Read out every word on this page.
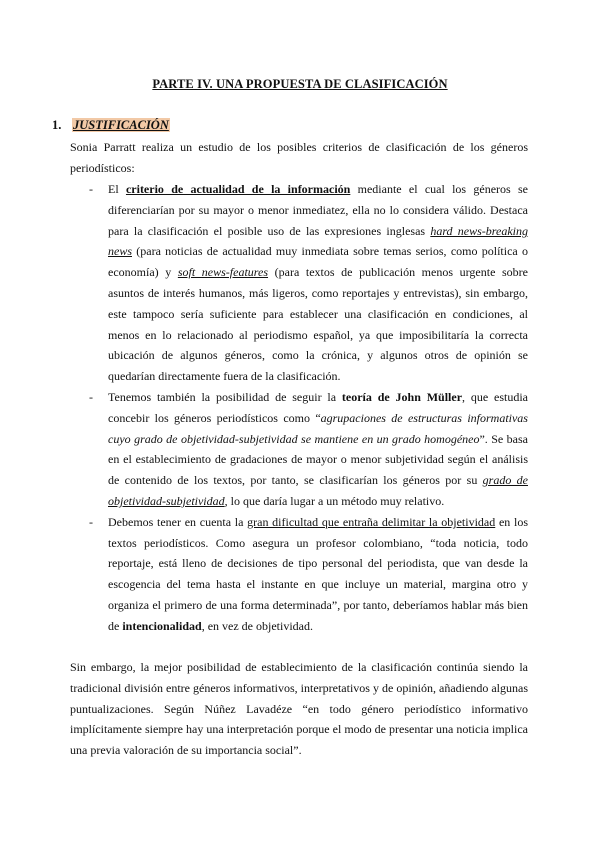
PARTE IV. UNA PROPUESTA DE CLASIFICACIÓN
1. JUSTIFICACIÓN

Sonia Parratt realiza un estudio de los posibles criterios de clasificación de los géneros periodísticos:

- El criterio de actualidad de la información mediante el cual los géneros se diferenciarían por su mayor o menor inmediatez, ella no lo considera válido. Destaca para la clasificación el posible uso de las expresiones inglesas hard news-breaking news (para noticias de actualidad muy inmediata sobre temas serios, como política o economía) y soft news-features (para textos de publicación menos urgente sobre asuntos de interés humanos, más ligeros, como reportajes y entrevistas), sin embargo, este tampoco sería suficiente para establecer una clasificación en condiciones, al menos en lo relacionado al periodismo español, ya que imposibilitaría la correcta ubicación de algunos géneros, como la crónica, y algunos otros de opinión se quedarían directamente fuera de la clasificación.
- Tenemos también la posibilidad de seguir la teoría de John Müller, que estudia concebir los géneros periodísticos como “agrupaciones de estructuras informativas cuyo grado de objetividad-subjetividad se mantiene en un grado homogéneo”. Se basa en el establecimiento de gradaciones de mayor o menor subjetividad según el análisis de contenido de los textos, por tanto, se clasificarían los géneros por su grado de objetividad-subjetividad, lo que daría lugar a un método muy relativo.
- Debemos tener en cuenta la gran dificultad que entraña delimitar la objetividad en los textos periodísticos. Como asegura un profesor colombiano, “toda noticia, todo reportaje, está lleno de decisiones de tipo personal del periodista, que van desde la escogencia del tema hasta el instante en que incluye un material, margina otro y organiza el primero de una forma determinada”, por tanto, deberíamos hablar más bien de intencionalidad, en vez de objetividad.

Sin embargo, la mejor posibilidad de establecimiento de la clasificación continúa siendo la tradicional división entre géneros informativos, interpretativos y de opinión, añadiendo algunas puntualizaciones. Según Núñez Lavadéze “en todo género periodístico informativo implícitamente siempre hay una interpretación porque el modo de presentar una noticia implica una previa valoración de su importancia social”.
